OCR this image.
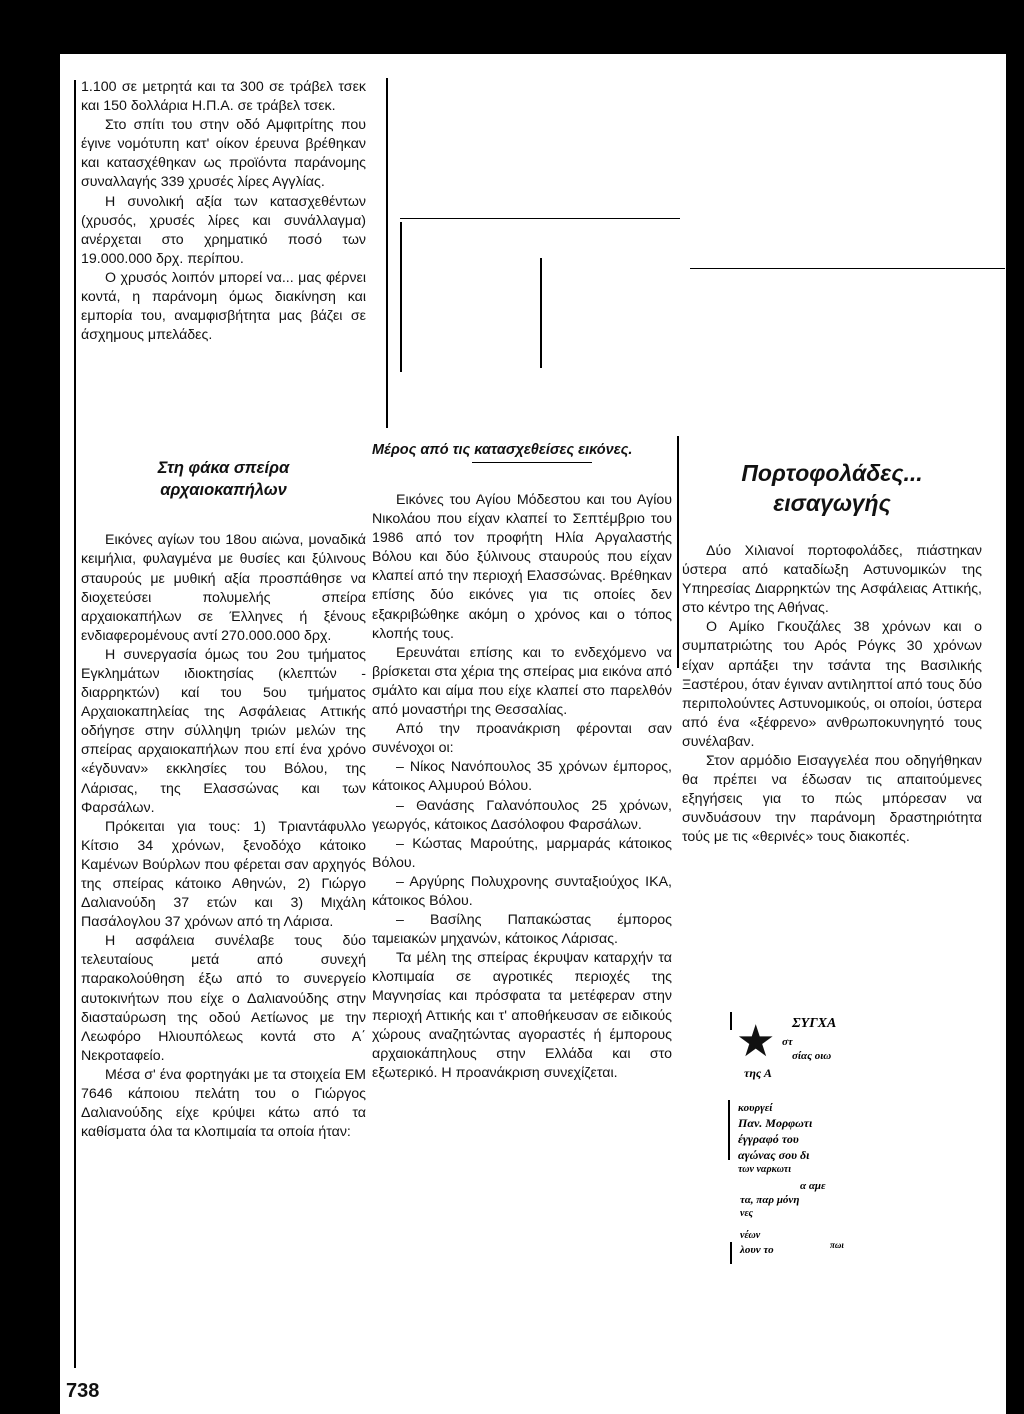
1.100 σε μετρητά και τα 300 σε τράβελ τσεκ και 150 δολλάρια Η.Π.Α. σε τράβελ τσεκ.

Στο σπίτι του στην οδό Αμφιτρίτης που έγινε νομότυπη κατ' οίκον έρευνα βρέθηκαν και κατασχέθηκαν ως προϊόντα παράνομης συναλλαγής 339 χρυσές λίρες Αγγλίας.

Η συνολική αξία των κατασχεθέντων (χρυσός, χρυσές λίρες και συνάλλαγμα) ανέρχεται στο χρηματικό ποσό των 19.000.000 δρχ. περίπου.

Ο χρυσός λοιπόν μπορεί να... μας φέρνει κοντά, η παράνομη όμως διακίνηση και εμπορία του, αναμφισβήτητα μας βάζει σε άσχημους μπελάδες.

Στη φάκα σπείρα
αρχαιοκαπήλων

Εικόνες αγίων του 18ου αιώνα, μοναδικά κειμήλια, φυλαγμένα με θυσίες και ξύλινους σταυρούς με μυθική αξία προσπάθησε να διοχετεύσει πολυμελής σπείρα αρχαιοκαπήλων σε Έλληνες ή ξένους ενδιαφερομένους αντί 270.000.000 δρχ.

Η συνεργασία όμως του 2ου τμήματος Εγκλημάτων ιδιοκτησίας (κλεπτών - διαρρηκτών) καί του 5ου τμήματος Αρχαιοκαπηλείας της Ασφάλειας Αττικής οδήγησε στην σύλληψη τριών μελών της σπείρας αρχαιοκαπήλων που επί ένα χρόνο «έγδυναν» εκκλησίες του Βόλου, της Λάρισας, της Ελασσώνας και των Φαρσάλων.

Πρόκειται για τους: 1) Τριαντάφυλλο Κίτσιο 34 χρόνων, ξενοδόχο κάτοικο Καμένων Βούρλων που φέρεται σαν αρχηγός της σπείρας κάτοικο Αθηνών, 2) Γιώργο Δαλιανούδη 37 ετών και 3) Μιχάλη Πασάλογλου 37 χρόνων από τη Λάρισα.

Η ασφάλεια συνέλαβε τους δύο τελευταίους μετά από συνεχή παρακολούθηση έξω από το συνεργείο αυτοκινήτων που είχε ο Δαλιανούδης στην διασταύρωση της οδού Αετίωνος με την Λεωφόρο Ηλιουπόλεως κοντά στο Α΄ Νεκροταφείο.

Μέσα σ' ένα φορτηγάκι με τα στοιχεία ΕΜ 7646 κάποιου πελάτη του ο Γιώργος Δαλιανούδης είχε κρύψει κάτω από τα καθίσματα όλα τα κλοπιμαία τα οποία ήταν:

Μέρος από τις κατασχεθείσες εικόνες.

Εικόνες του Αγίου Μόδεστου και του Αγίου Νικολάου που είχαν κλαπεί το Σεπτέμβριο του 1986 από τον προφήτη Ηλία Αργαλαστής Βόλου και δύο ξύλινους σταυρούς που είχαν κλαπεί από την περιοχή Ελασσώνας. Βρέθηκαν επίσης δύο εικόνες για τις οποίες δεν εξακριβώθηκε ακόμη ο χρόνος και ο τόπος κλοπής τους.

Ερευνάται επίσης και το ενδεχόμενο να βρίσκεται στα χέρια της σπείρας μια εικόνα από σμάλτο και αίμα που είχε κλαπεί στο παρελθόν από μοναστήρι της Θεσσαλίας.

Από την προανάκριση φέρονται σαν συνένοχοι οι:

– Νίκος Νανόπουλος 35 χρόνων έμπορος, κάτοικος Αλμυρού Βόλου.

– Θανάσης Γαλανόπουλος 25 χρόνων, γεωργός, κάτοικος Δασόλοφου Φαρσάλων.

– Κώστας Μαρούτης, μαρμαράς κάτοικος Βόλου.

– Αργύρης Πολυχρονης συνταξιούχος ΙΚΑ, κάτοικος Βόλου.

– Βασίλης Παπακώστας έμπορος ταμειακών μηχανών, κάτοικος Λάρισας.

Τα μέλη της σπείρας έκρυψαν καταρχήν τα κλοπιμαία σε αγροτικές περιοχές της Μαγνησίας και πρόσφατα τα μετέφεραν στην περιοχή Αττικής και τ' αποθήκευσαν σε ειδικούς χώρους αναζητώντας αγοραστές ή έμπορους αρχαιοκάπηλους στην Ελλάδα και στο εξωτερικό. Η προανάκριση συνεχίζεται.

Πορτοφολάδες...
εισαγωγής

Δύο Χιλιανοί πορτοφολάδες, πιάστηκαν ύστερα από καταδίωξη Αστυνομικών της Υπηρεσίας Διαρρηκτών της Ασφάλειας Αττικής, στο κέντρο της Αθήνας.

Ο Αμίκο Γκουζάλες 38 χρόνων και ο συμπατριώτης του Αρός Ρόγκς 30 χρόνων είχαν αρπάξει την τσάντα της Βασιλικής Ξαστέρου, όταν έγιναν αντιληπτοί από τους δύο περιπολούντες Αστυνομικούς, οι οποίοι, ύστερα από ένα «ξέφρενο» ανθρωποκυνηγητό τους συνέλαβαν.

Στον αρμόδιο Εισαγγελέα που οδηγήθηκαν θα πρέπει να έδωσαν τις απαιτούμενες εξηγήσεις για το πώς μπόρεσαν να συνδυάσουν την παράνομη δραστηριότητα τούς με τις «θερινές» τους διακοπές.

★ ΣΥΓΧΑ
στ
σίας οιω
της Α
κουργεί
Παν. Μορφωτι
έγγραφό του
αγώνας σου δι
των ναρκωτι
α αμε
τα, παρ μόνη
νες
νέων
λουν το	πωι
738
